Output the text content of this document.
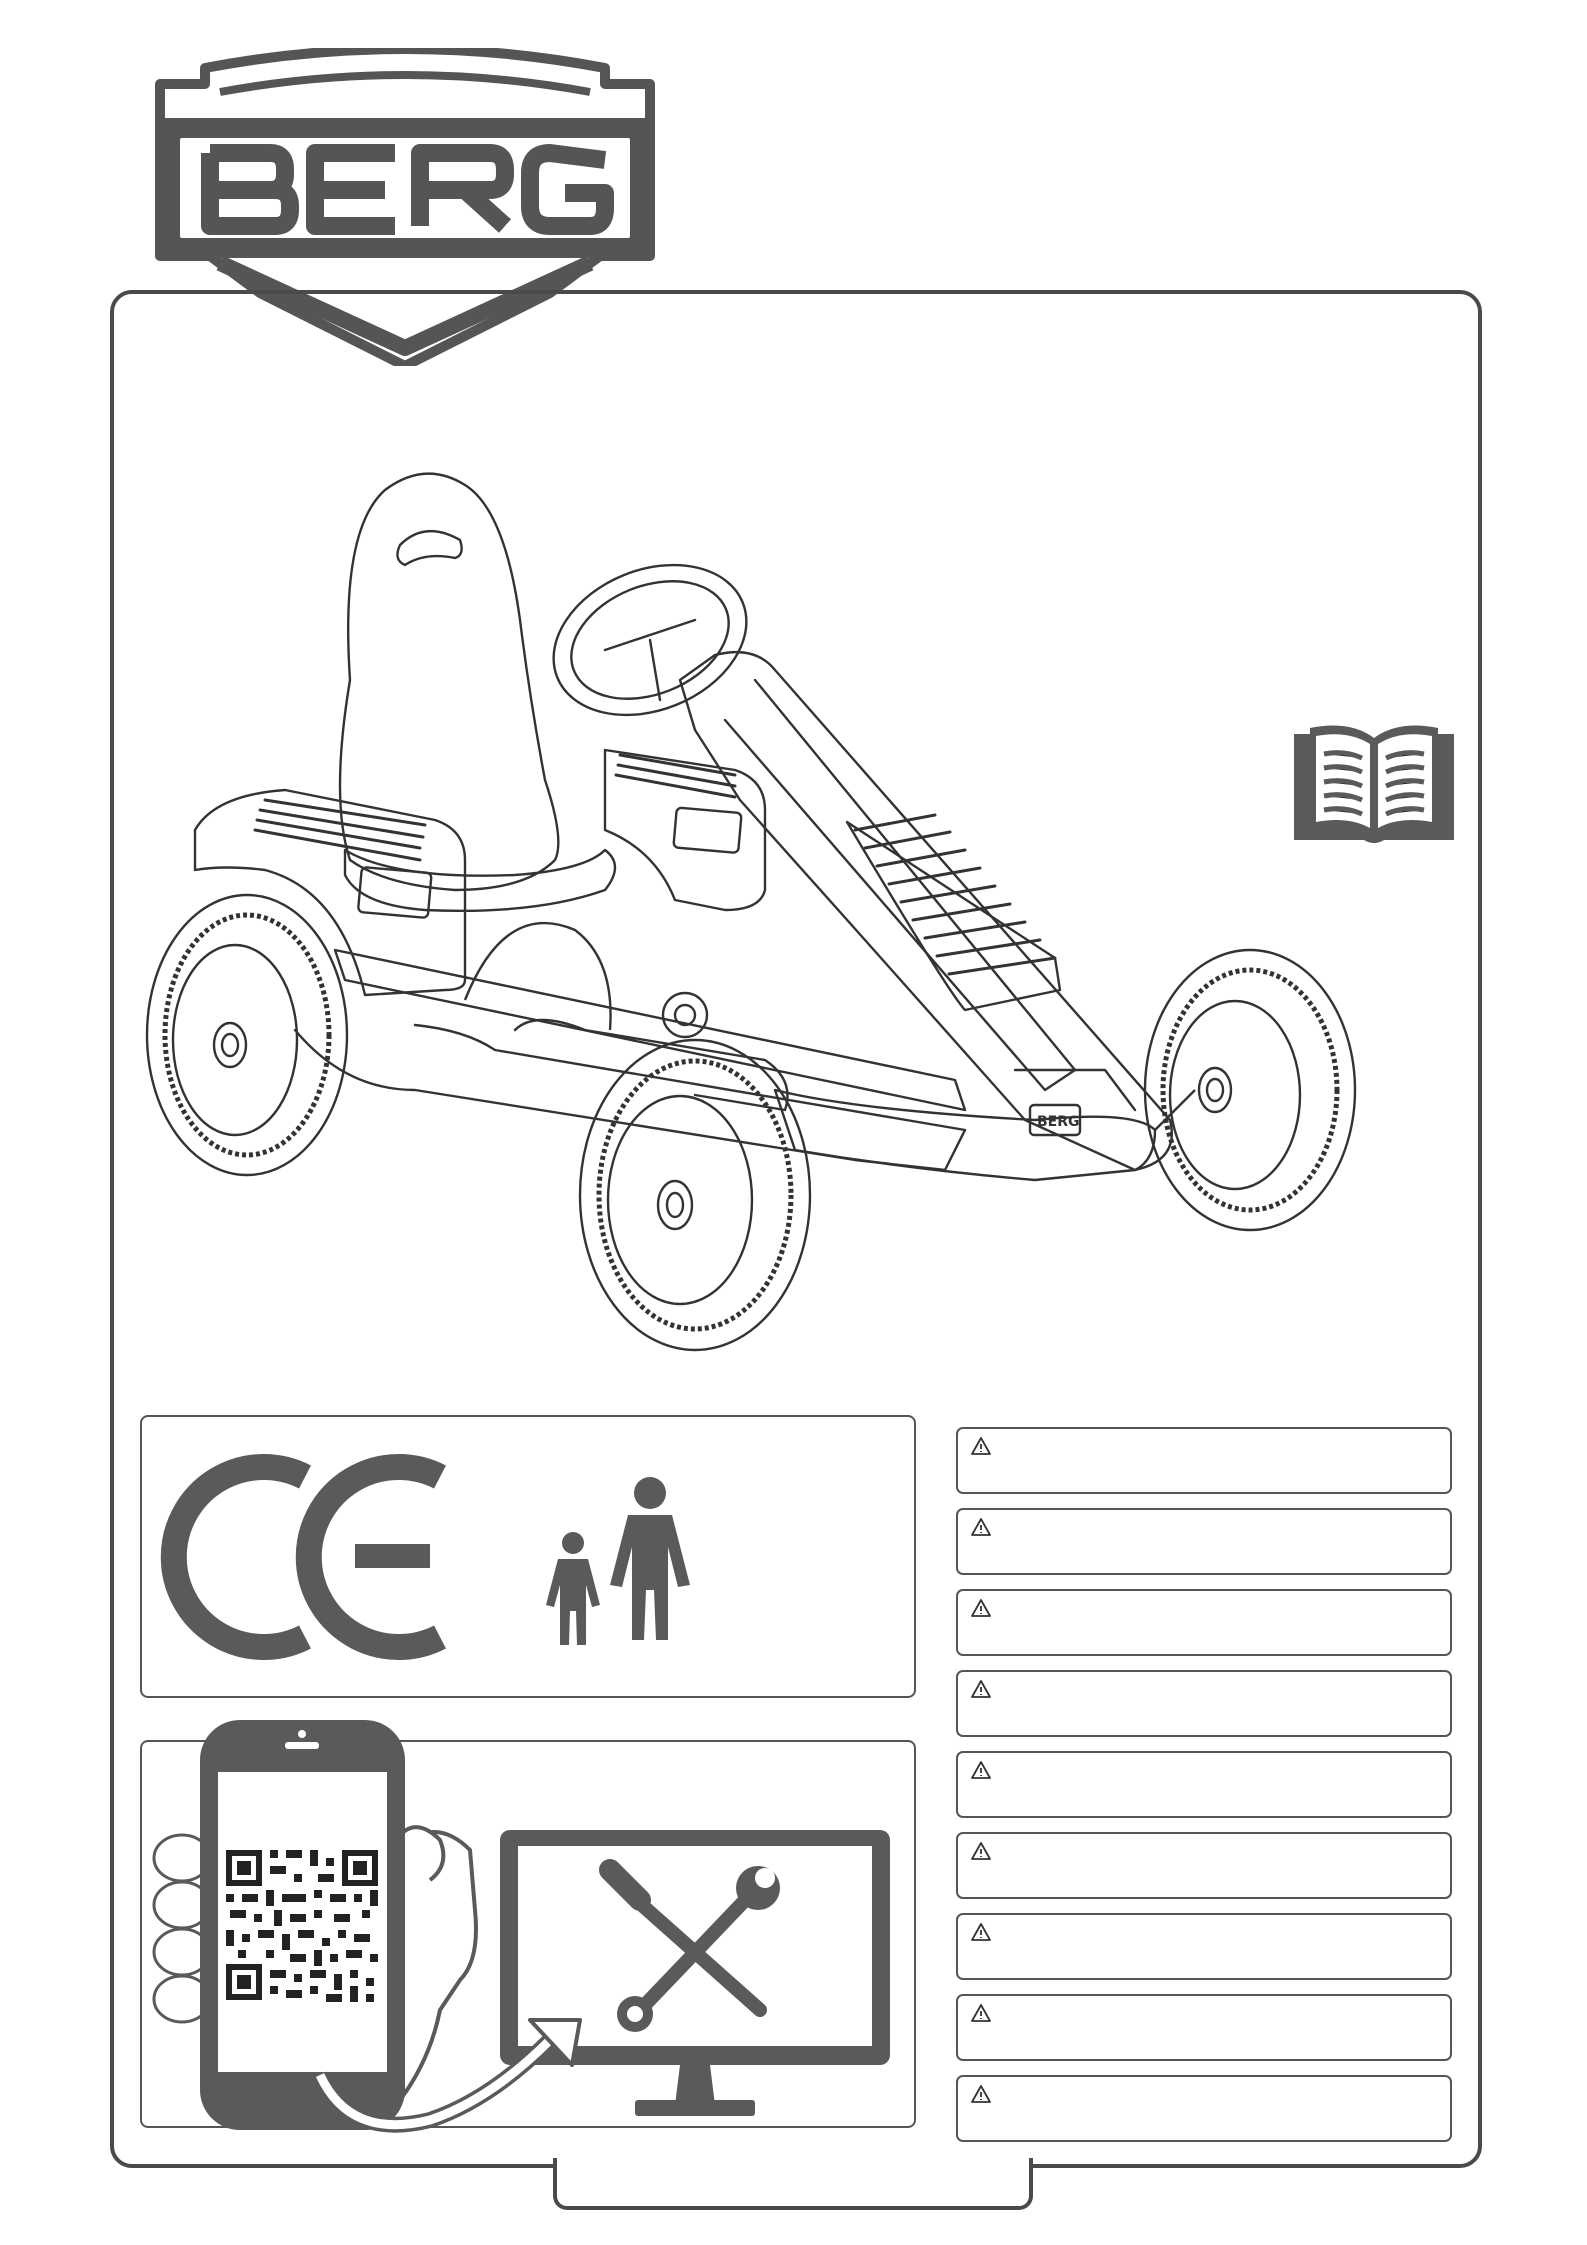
BERG
